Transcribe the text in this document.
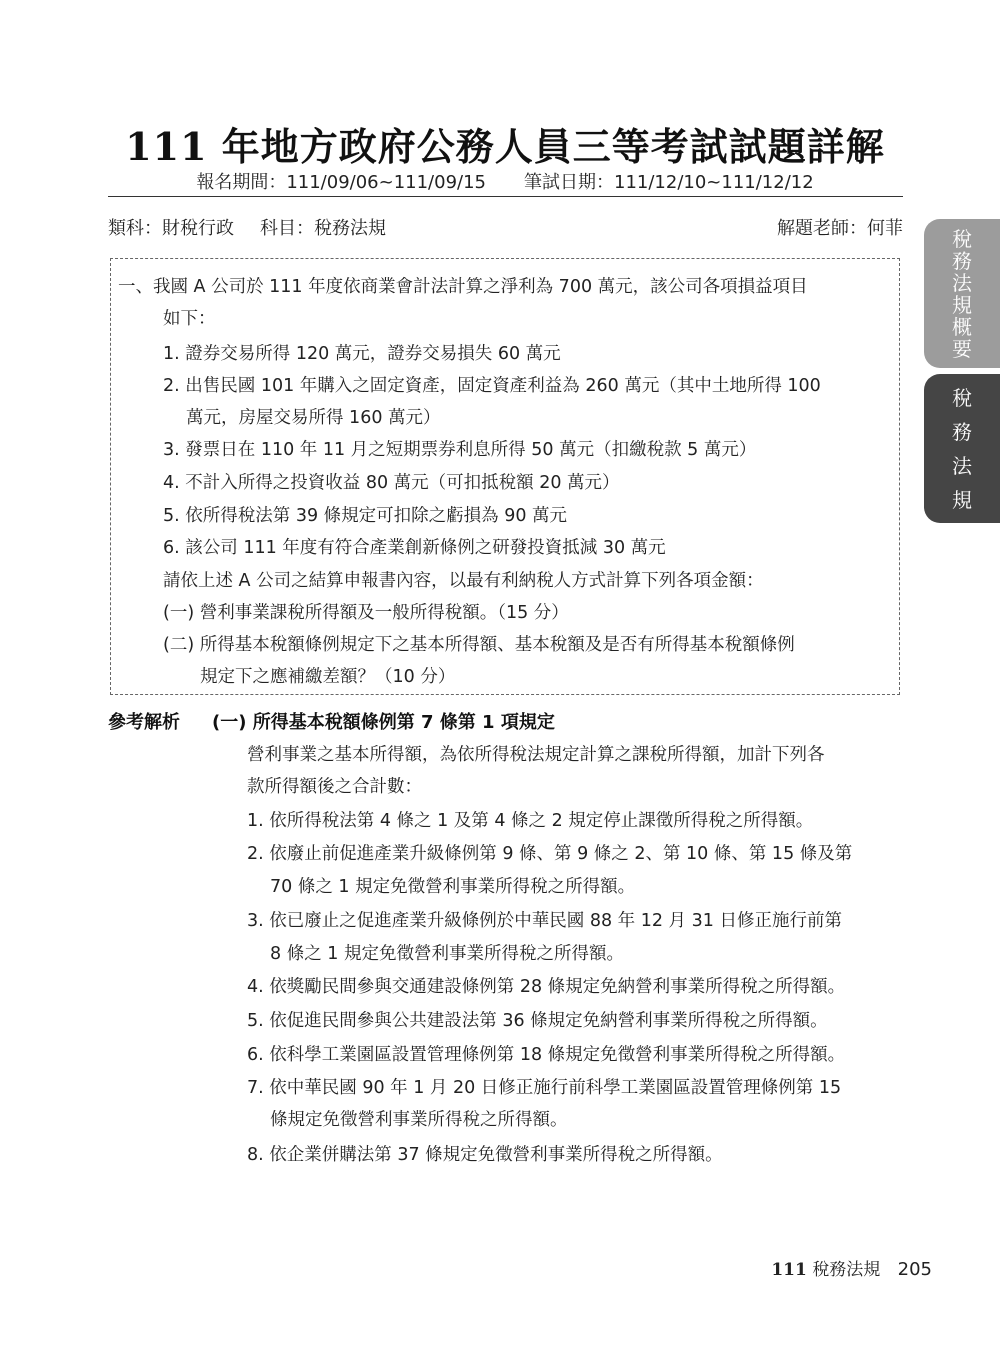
111 年地方政府公務人員三等考試試題詳解
報名期間：111/09/06~111/09/15 筆試日期：111/12/10~111/12/12
類科：財稅行政 科目：稅務法規	解題老師：何菲 稅
務
法
規
概
要
稅
務
法
規
一、我國 A 公司於 111 年度依商業會計法計算之淨利為 700 萬元，該公司各項損益項目
如下：
1. 證券交易所得 120 萬元，證券交易損失 60 萬元
2. 出售民國 101 年購入之固定資產，固定資產利益為 260 萬元（其中土地所得 100
萬元，房屋交易所得 160 萬元）
3. 發票日在 110 年 11 月之短期票券利息所得 50 萬元（扣繳稅款 5 萬元）
4. 不計入所得之投資收益 80 萬元（可扣抵稅額 20 萬元）
5. 依所得稅法第 39 條規定可扣除之虧損為 90 萬元
6. 該公司 111 年度有符合產業創新條例之研發投資抵減 30 萬元
請依上述 A 公司之結算申報書內容，以最有利納稅人方式計算下列各項金額：
(一) 營利事業課稅所得額及一般所得稅額。（15 分）
(二) 所得基本稅額條例規定下之基本所得額、基本稅額及是否有所得基本稅額條例
規定下之應補繳差額？（10 分）
參考解析 (一) 所得基本稅額條例第 7 條第 1 項規定
營利事業之基本所得額，為依所得稅法規定計算之課稅所得額，加計下列各
款所得額後之合計數：
1. 依所得稅法第 4 條之 1 及第 4 條之 2 規定停止課徵所得稅之所得額。
2. 依廢止前促進產業升級條例第 9 條、第 9 條之 2、第 10 條、第 15 條及第
70 條之 1 規定免徵營利事業所得稅之所得額。
3. 依已廢止之促進產業升級條例於中華民國 88 年 12 月 31 日修正施行前第
8 條之 1 規定免徵營利事業所得稅之所得額。
4. 依獎勵民間參與交通建設條例第 28 條規定免納營利事業所得稅之所得額。
5. 依促進民間參與公共建設法第 36 條規定免納營利事業所得稅之所得額。
6. 依科學工業園區設置管理條例第 18 條規定免徵營利事業所得稅之所得額。
7. 依中華民國 90 年 1 月 20 日修正施行前科學工業園區設置管理條例第 15
條規定免徵營利事業所得稅之所得額。
8. 依企業併購法第 37 條規定免徵營利事業所得稅之所得額。
111 稅務法規 205
